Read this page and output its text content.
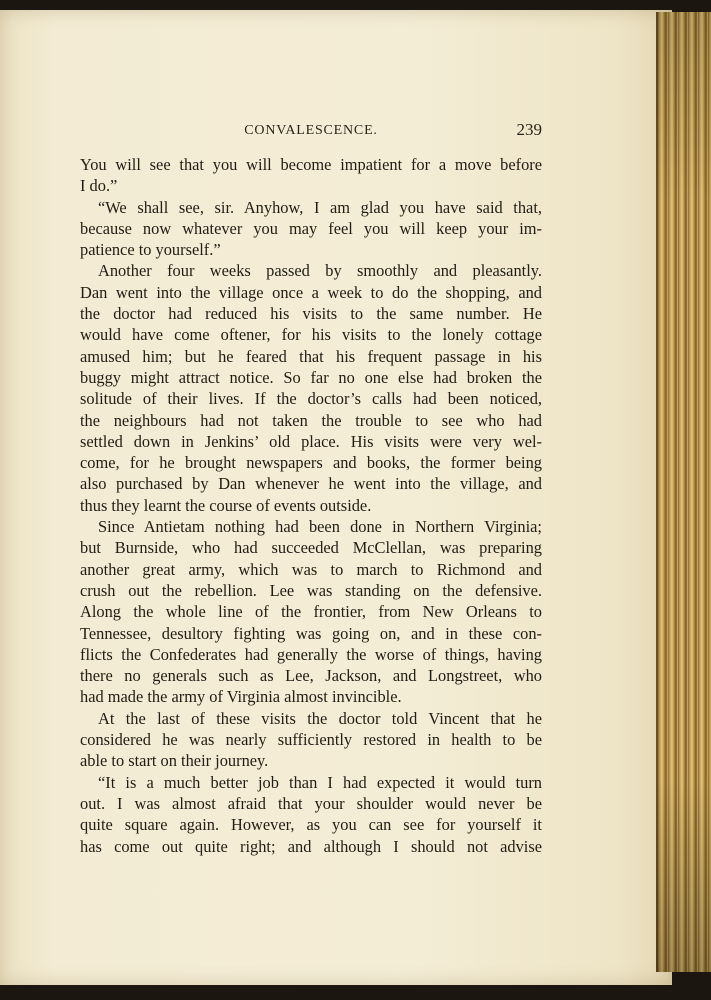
CONVALESCENCE.	239
You will see that you will become impatient for a move before
I do.”
“We shall see, sir. Anyhow, I am glad you have said that,
because now whatever you may feel you will keep your im-
patience to yourself.”
Another four weeks passed by smoothly and pleasantly.
Dan went into the village once a week to do the shopping, and
the doctor had reduced his visits to the same number. He
would have come oftener, for his visits to the lonely cottage
amused him; but he feared that his frequent passage in his
buggy might attract notice. So far no one else had broken the
solitude of their lives. If the doctor’s calls had been noticed,
the neighbours had not taken the trouble to see who had
settled down in Jenkins’ old place. His visits were very wel-
come, for he brought newspapers and books, the former being
also purchased by Dan whenever he went into the village, and
thus they learnt the course of events outside.
Since Antietam nothing had been done in Northern Virginia;
but Burnside, who had succeeded McClellan, was preparing
another great army, which was to march to Richmond and
crush out the rebellion. Lee was standing on the defensive.
Along the whole line of the frontier, from New Orleans to
Tennessee, desultory fighting was going on, and in these con-
flicts the Confederates had generally the worse of things, having
there no generals such as Lee, Jackson, and Longstreet, who
had made the army of Virginia almost invincible.
At the last of these visits the doctor told Vincent that he
considered he was nearly sufficiently restored in health to be
able to start on their journey.
“It is a much better job than I had expected it would turn
out. I was almost afraid that your shoulder would never be
quite square again. However, as you can see for yourself it
has come out quite right; and although I should not advise
